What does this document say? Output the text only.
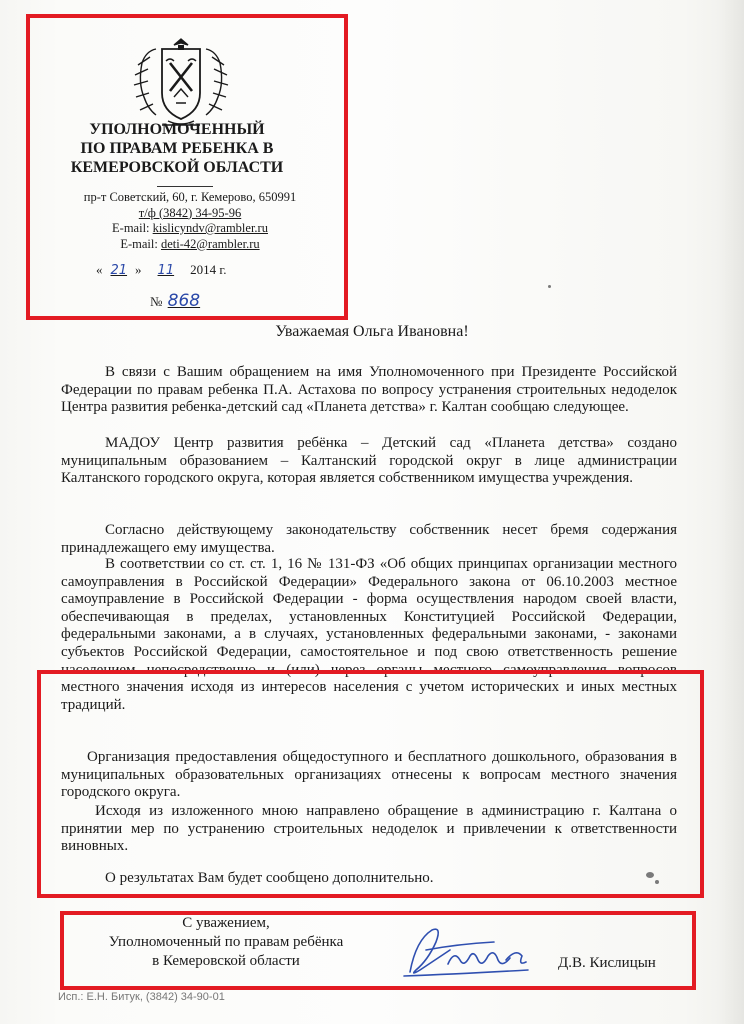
УПОЛНОМОЧЕННЫЙ
ПО ПРАВАМ РЕБЕНКА В
КЕМЕРОВСКОЙ ОБЛАСТИ
пр-т Советский, 60, г. Кемерово, 650991
т/ф (3842) 34-95-96
E-mail: kislicyndv@rambler.ru
E-mail: deti-42@rambler.ru
« 21 » 11 2014 г.
№ 868
Уважаемая Ольга Ивановна!
В связи с Вашим обращением на имя Уполномоченного при Президенте Российской Федерации по правам ребенка П.А. Астахова по вопросу устранения строительных недоделок Центра развития ребенка-детский сад «Планета детства» г. Калтан сообщаю следующее.
МАДОУ Центр развития ребёнка – Детский сад «Планета детства» создано муниципальным образованием – Калтанский городской округ в лице администрации Калтанского городского округа, которая является собственником имущества учреждения.
Согласно действующему законодательству собственник несет бремя содержания принадлежащего ему имущества.
В соответствии со ст. ст. 1, 16 № 131-ФЗ «Об общих принципах организации местного самоуправления в Российской Федерации» Федерального закона от 06.10.2003 местное самоуправление в Российской Федерации - форма осуществления народом своей власти, обеспечивающая в пределах, установленных Конституцией Российской Федерации, федеральными законами, а в случаях, установленных федеральными законами, - законами субъектов Российской Федерации, самостоятельное и под свою ответственность решение населением непосредственно и (или) через органы местного самоуправления вопросов местного значения исходя из интересов населения с учетом исторических и иных местных традиций.
Организация предоставления общедоступного и бесплатного дошкольного, образования в муниципальных образовательных организациях отнесены к вопросам местного значения городского округа.
Исходя из изложенного мною направлено обращение в администрацию г. Калтана о принятии мер по устранению строительных недоделок и привлечении к ответственности виновных.
О результатах Вам будет сообщено дополнительно.
С уважением,
Уполномоченный по правам ребёнка
в Кемеровской области	Д.В. Кислицын
Исп.: Е.Н. Битук, (3842) 34-90-01
